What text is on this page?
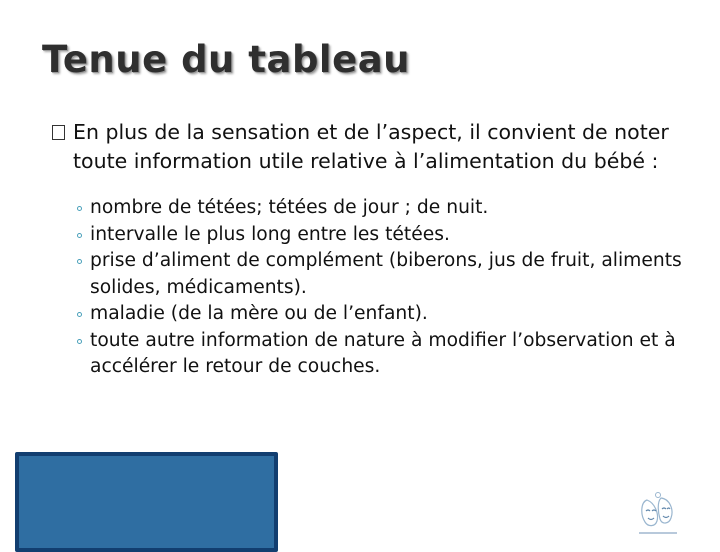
Tenue du tableau
En plus de la sensation et de l’aspect, il convient de noter toute information utile relative à l’alimentation du bébé :
nombre de tétées; tétées de jour ; de nuit.
intervalle le plus long entre les tétées.
prise d’aliment de complément (biberons, jus de fruit, aliments solides, médicaments).
maladie (de la mère ou de l’enfant).
toute autre information de nature à modifier l’observation et à accélérer le retour de couches.
